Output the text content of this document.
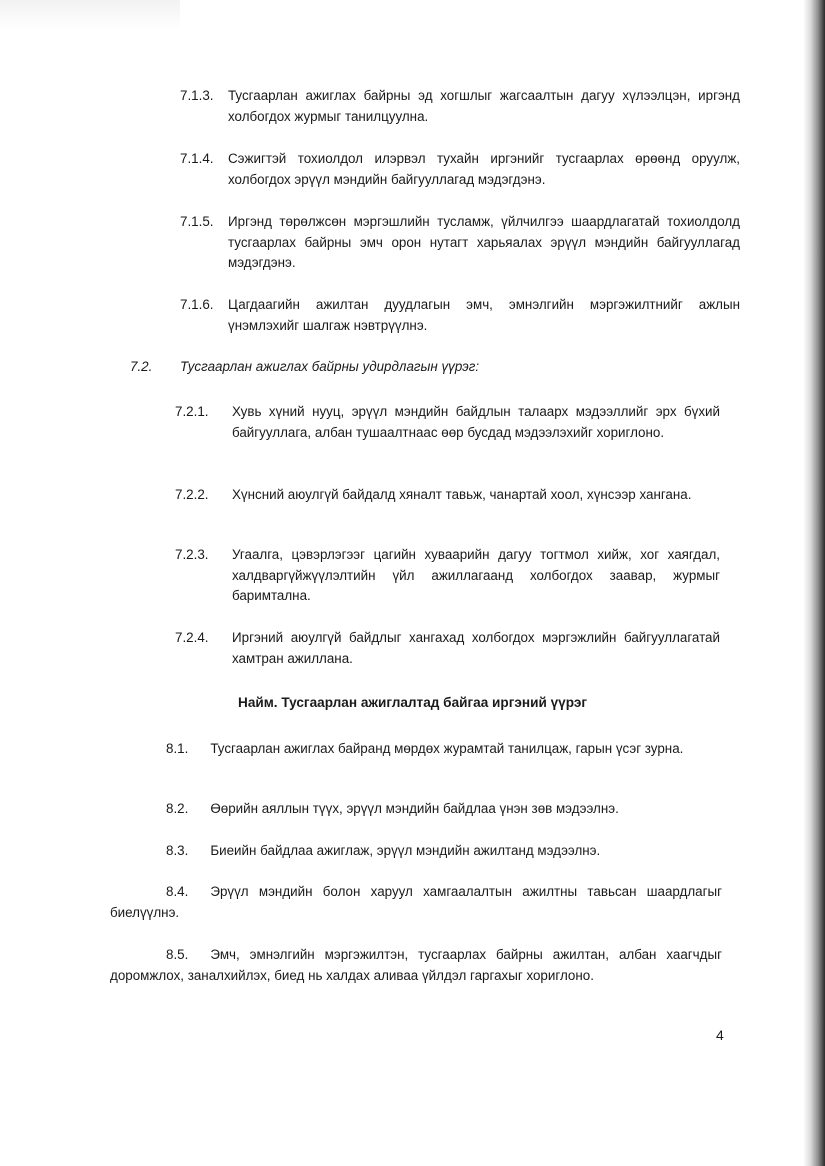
7.1.3. Тусгаарлан ажиглах байрны эд хогшлыг жагсаалтын дагуу хүлээлцэн, иргэнд холбогдох журмыг танилцуулна.
7.1.4. Сэжигтэй тохиолдол илэрвэл тухайн иргэнийг тусгаарлах өрөөнд оруулж, холбогдох эрүүл мэндийн байгууллагад мэдэгдэнэ.
7.1.5. Иргэнд төрөлжсөн мэргэшлийн тусламж, үйлчилгээ шаардлагатай тохиолдолд тусгаарлах байрны эмч орон нутагт харьяалах эрүүл мэндийн байгууллагад мэдэгдэнэ.
7.1.6. Цагдаагийн ажилтан дуудлагын эмч, эмнэлгийн мэргэжилтнийг ажлын үнэмлэхийг шалгаж нэвтрүүлнэ.
7.2. Тусгаарлан ажиглах байрны удирдлагын үүрэг:
7.2.1. Хувь хүний нууц, эрүүл мэндийн байдлын талаарх мэдээллийг эрх бүхий байгууллага, албан тушаалтнаас өөр бусдад мэдээлэхийг хориглоно.
7.2.2. Хүнсний аюулгүй байдалд хяналт тавьж, чанартай хоол, хүнсээр хангана.
7.2.3. Угаалга, цэвэрлэгээг цагийн хуваарийн дагуу тогтмол хийж, хог хаягдал, халдваргүйжүүлэлтийн үйл ажиллагаанд холбогдох заавар, журмыг баримтална.
7.2.4. Иргэний аюулгүй байдлыг хангахад холбогдох мэргэжлийн байгууллагатай хамтран ажиллана.
Найм. Тусгаарлан ажиглалтад байгаа иргэний үүрэг
8.1. Тусгаарлан ажиглах байранд мөрдөх журамтай танилцаж, гарын үсэг зурна.
8.2. Өөрийн аяллын түүх, эрүүл мэндийн байдлаа үнэн зөв мэдээлнэ.
8.3. Биеийн байдлаа ажиглаж, эрүүл мэндийн ажилтанд мэдээлнэ.
8.4. Эрүүл мэндийн болон харуул хамгаалалтын ажилтны тавьсан шаардлагыг биелүүлнэ.
8.5. Эмч, эмнэлгийн мэргэжилтэн, тусгаарлах байрны ажилтан, албан хаагчдыг доромжлох, заналхийлэх, биед нь халдах аливаа үйлдэл гаргахыг хориглоно.
4
